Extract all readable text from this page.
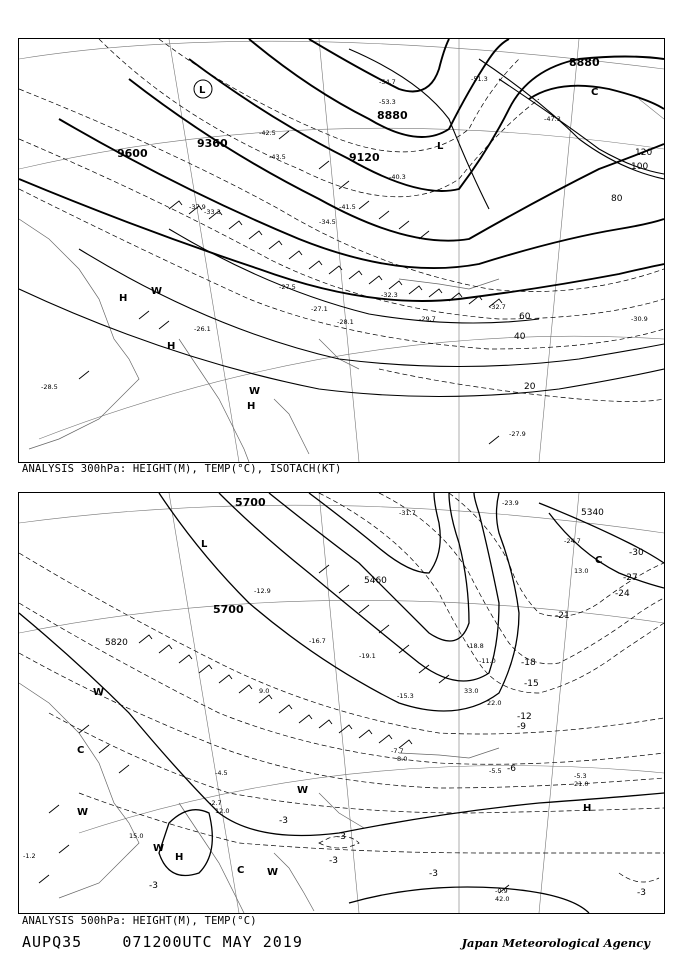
8880
8880
9120
9360
9600
20
40
60
80
100
120
L
L
C
H
H
H
W
W
-27.9
-29.7	-30.9
-32.3
-32.7
-34.5
-28.1
-27.1
-27.5
-26.1
-28.5
-47.3
-51.3
-54.7
-53.3
-43.5
-37.9
-40.3
-41.5
-33.3
-42.5
ANALYSIS 300hPa: HEIGHT(M), TEMP(°C), ISOTACH(KT)
5700
5700
5340
5460
5820
-30
-27
-24
-21
-18
-15
-12
-9
-6
-3
-3
-3
-3
-3
-3
L
H
H
C
C
C
W
W
W
W
W
-7.7
-5.5
-5.3
-4.5
-2.7
-1.2
-0.9
-23.9
-31.7
-24.7
-18.8
-11.0
-12.9
-15.3
-16.7
-19.1
8.0
9.0
12.0
13.0
15.0
21.0
22.0
33.0
42.0
ANALYSIS 500hPa: HEIGHT(M), TEMP(°C)
AUPQ35	071200UTC MAY 2019	Japan Meteorological Agency
